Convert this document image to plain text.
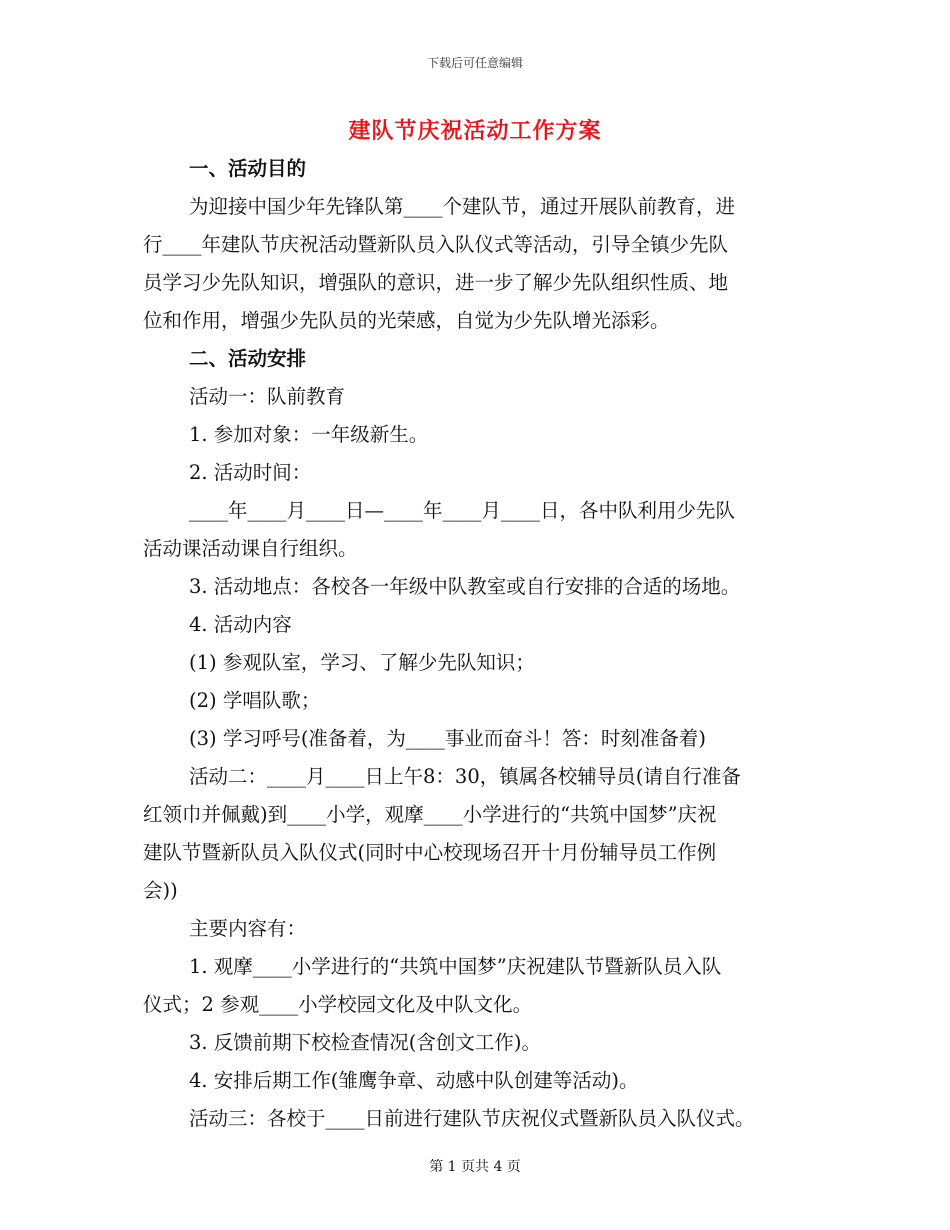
下载后可任意编辑
建队节庆祝活动工作方案
一、活动目的
为迎接中国少年先锋队第____个建队节，通过开展队前教育，进
行____年建队节庆祝活动暨新队员入队仪式等活动，引导全镇少先队
员学习少先队知识，增强队的意识，进一步了解少先队组织性质、地
位和作用，增强少先队员的光荣感，自觉为少先队增光添彩。
二、活动安排
活动一：队前教育
1. 参加对象：一年级新生。
2. 活动时间：
____年____月____日—____年____月____日，各中队利用少先队
活动课活动课自行组织。
3. 活动地点：各校各一年级中队教室或自行安排的合适的场地。
4. 活动内容
(1) 参观队室，学习、了解少先队知识；
(2) 学唱队歌；
(3) 学习呼号(准备着，为____事业而奋斗！答：时刻准备着)
活动二：____月____日上午8：30，镇属各校辅导员(请自行准备
红领巾并佩戴)到____小学，观摩____小学进行的“共筑中国梦”庆祝
建队节暨新队员入队仪式(同时中心校现场召开十月份辅导员工作例
会))
主要内容有：
1. 观摩____小学进行的“共筑中国梦”庆祝建队节暨新队员入队
仪式；2 参观____小学校园文化及中队文化。
3. 反馈前期下校检查情况(含创文工作)。
4. 安排后期工作(雏鹰争章、动感中队创建等活动)。
活动三：各校于____日前进行建队节庆祝仪式暨新队员入队仪式。
第 1 页共 4 页
